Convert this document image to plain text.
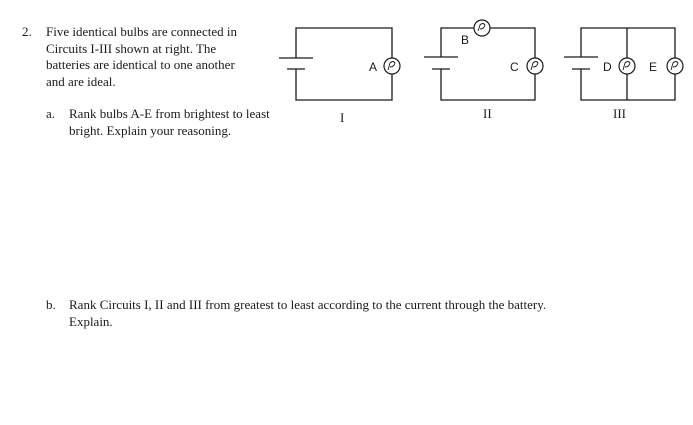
2. Five identical bulbs are connected in
Circuits I-III shown at right. The
batteries are identical to one another
and are ideal.
a. Rank bulbs A-E from brightest to least
bright. Explain your reasoning.
b. Rank Circuits I, II and III from greatest to least according to the current through the battery.
Explain.
I	II	III
A
B
C	D	E
